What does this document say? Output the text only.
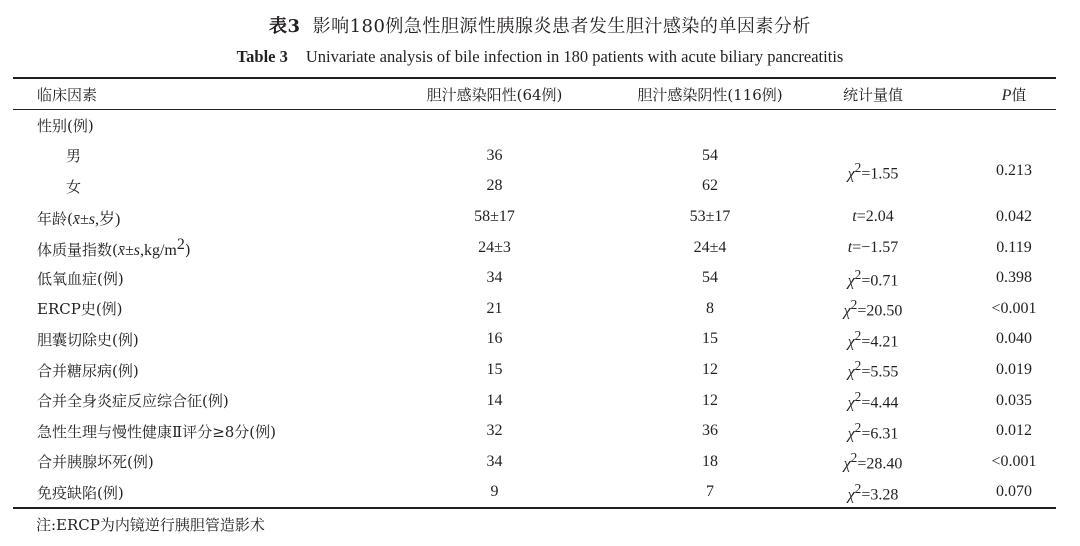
表3 影响180例急性胆源性胰腺炎患者发生胆汁感染的单因素分析
Table 3 Univariate analysis of bile infection in 180 patients with acute biliary pancreatitis
临床因素	胆汁感染阳性(64例)	胆汁感染阴性(116例)	统计量值	P值
性别(例)				
男	36	54	$\chi^2=1.55$	0.213
女	28	62		
年龄(x̄±s,岁)	58±17	53±17	t=2.04	0.042
体质量指数$(x̄\pm s,kg/m^2)$	24±3	24±4	t=−1.57	0.119
低氧血症(例)	34	54	$\chi^2=0.71$	0.398
ERCP史(例)	21	8	$\chi^2=20.50$	<0.001
胆囊切除史(例)	16	15	$\chi^2=4.21$	0.040
合并糖尿病(例)	15	12	$\chi^2=5.55$	0.019
合并全身炎症反应综合征(例)	14	12	$\chi^2=4.44$	0.035
急性生理与慢性健康Ⅱ评分≥8分(例)	32	36	$\chi^2=6.31$	0.012
合并胰腺坏死(例)	34	18	$\chi^2=28.40$	<0.001
免疫缺陷(例)	9	7	$\chi^2=3.28$	0.070
注:ERCP为内镜逆行胰胆管造影术
